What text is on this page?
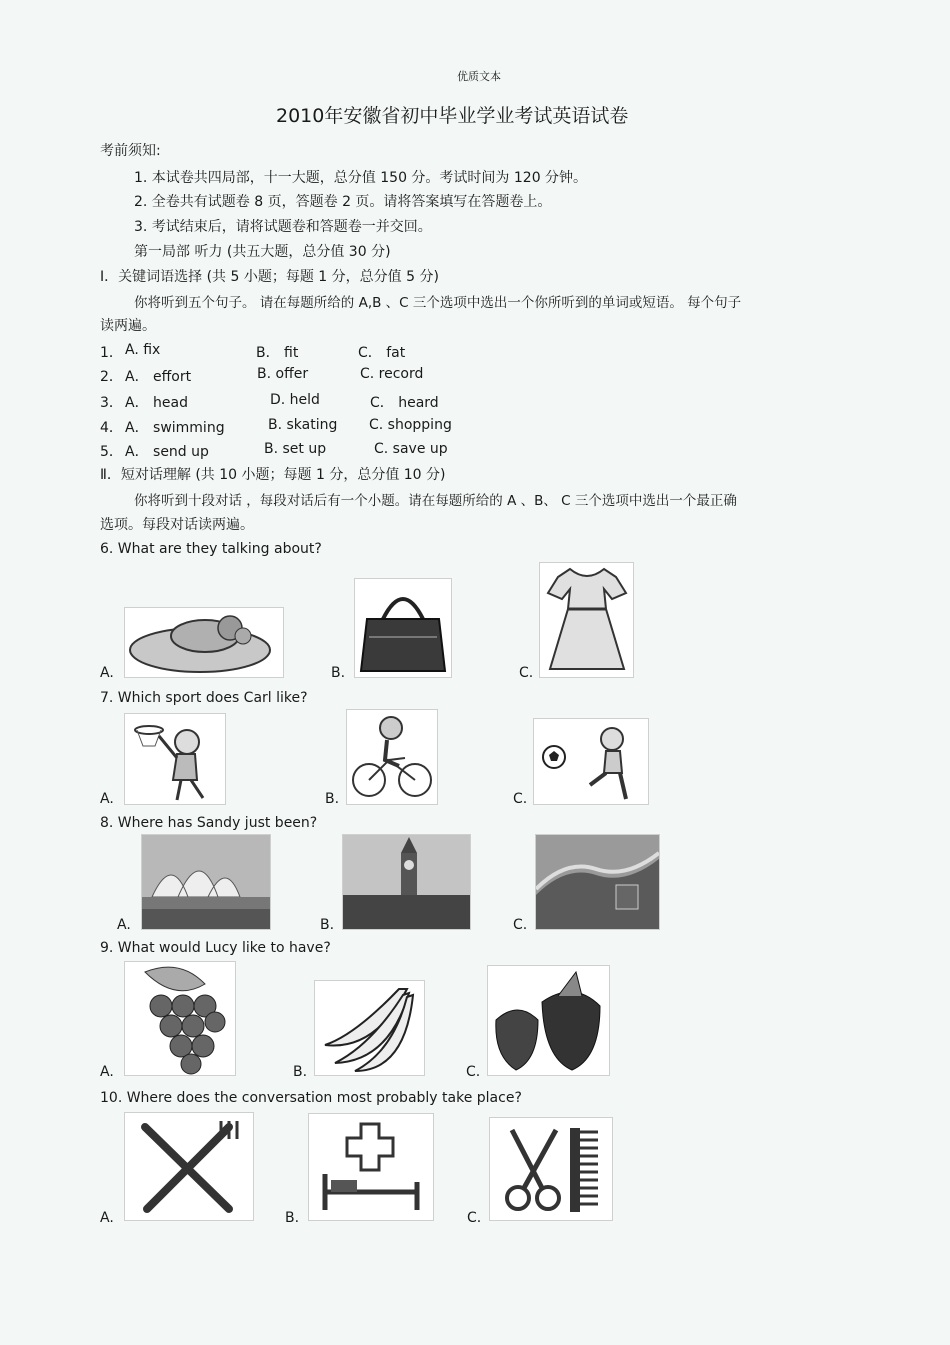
优质文本
2010年安徽省初中毕业学业考试英语试卷
考前须知:
1. 本试卷共四局部，十一大题，总分值 150 分。考试时间为 120 分钟。
2. 全卷共有试题卷 8 页，答题卷 2 页。请将答案填写在答题卷上。
3. 考试结束后，请将试题卷和答题卷一并交回。
第一局部 听力 (共五大题，总分值 30 分)
Ⅰ．关键词语选择 (共 5 小题；每题 1 分，总分值 5 分)
你将听到五个句子。 请在每题所给的 A,B 、C 三个选项中选出一个你所听到的单词或短语。 每个句子
读两遍。
1． A. fix	B． fit	C． fat
2． A． effort	B. offer	C. record
3． A． head	D. held	C． heard
4． A． swimming	B. skating C. shopping
5． A． send up	B. set up	C. save up
Ⅱ．短对话理解 (共 10 小题；每题 1 分，总分值 10 分)
你将听到十段对话 ，每段对话后有一个小题。请在每题所给的 A 、B、 C 三个选项中选出一个最正确
选项。每段对话读两遍。
6. What are they talking about?
A.	B.	C.
7. Which sport does Carl like?
A.	B.	C.
8. Where has Sandy just been?
A.	B.	C.
9. What would Lucy like to have?
A.	B.	C.
10. Where does the conversation most probably take place?
A.	B.	C.
